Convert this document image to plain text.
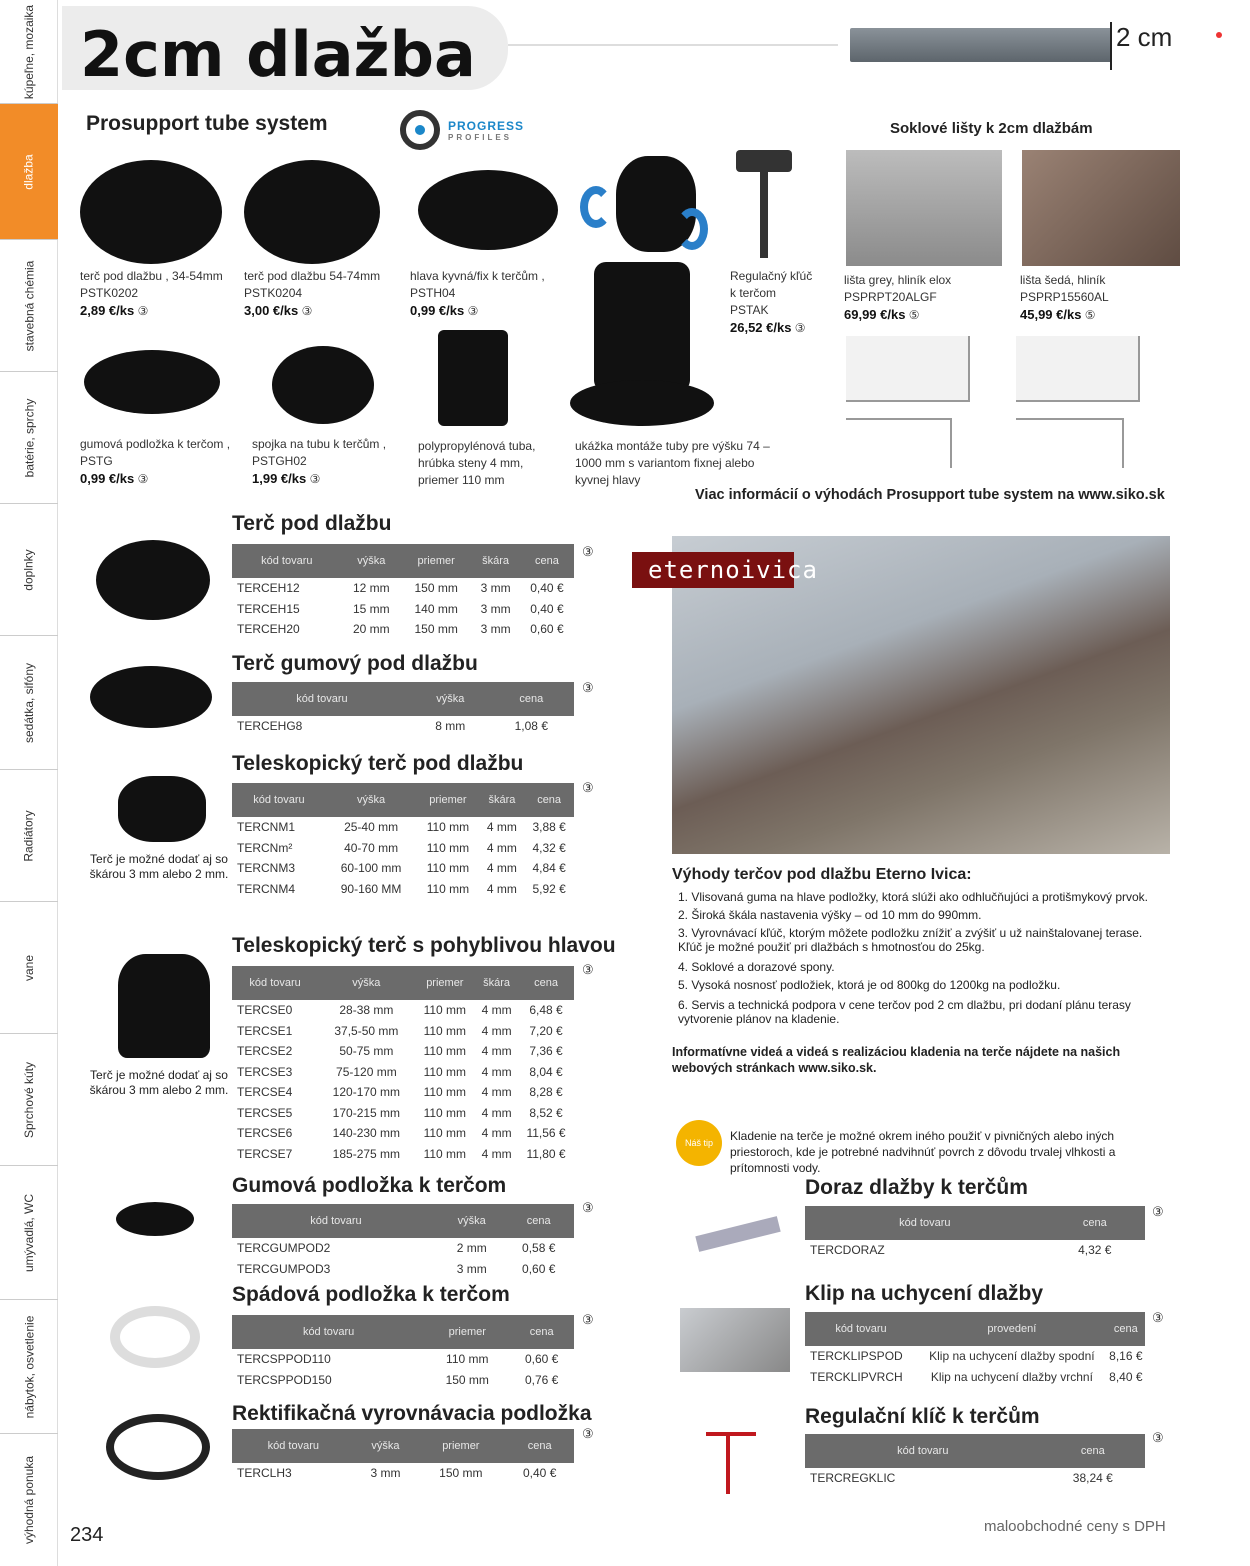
kúpeľne, mozaika
dlažba
stavebná chémia
batérie, sprchy
doplnky
sedátka, sifóny
Radiátory
vane
Sprchové kúty
umývadlá, WC
nábytok, osvetlenie
výhodná ponuka
2cm dlažba	2 cm
Prosupport tube system	PROGRESS
PROFILES
terč pod dlažbu , 34-54mm
PSTK0202
2,89 €/ks ③
terč pod dlažbu 54-74mm
PSTK0204
3,00 €/ks ③
hlava kyvná/fix k terčům ,
PSTH04
0,99 €/ks ③
Regulačný kľúč k terčom
PSTAK
26,52 €/ks ③
gumová podložka k terčom ,
PSTG
0,99 €/ks ③
spojka na tubu k terčům ,
PSTGH02
1,99 €/ks ③
polypropylénová tuba, hrúbka steny 4 mm, priemer 110 mm
ukážka montáže tuby pre výšku 74 – 1000 mm s variantom fixnej alebo kyvnej hlavy
Viac informácií o výhodách Prosupport tube system na www.siko.sk
Soklové lišty k 2cm dlažbám
lišta grey, hliník elox
PSPRPT20ALGF
69,99 €/ks ⑤
lišta šedá, hliník
PSPRP15560AL
45,99 €/ks ⑤
Terč pod dlažbu
③
kód tovaru	výška	priemer	škára	cena
TERCEH12	12 mm	150 mm	3 mm	0,40 €
TERCEH15	15 mm	140 mm	3 mm	0,40 €
TERCEH20	20 mm	150 mm	3 mm	0,60 €
Terč gumový pod dlažbu
③
kód tovaru	výška	cena
TERCEHG8	8 mm	1,08 €
Terč je možné dodať aj so škárou 3 mm alebo 2 mm.
Teleskopický terč pod dlažbu
③
kód tovaru	výška	priemer	škára	cena
TERCNM1	25-40 mm	110 mm	4 mm	3,88 €
TERCNm²	40-70 mm	110 mm	4 mm	4,32 €
TERCNM3	60-100 mm	110 mm	4 mm	4,84 €
TERCNM4	90-160 MM	110 mm	4 mm	5,92 €
Terč je možné dodať aj so škárou 3 mm alebo 2 mm.
Teleskopický terč s pohyblivou hlavou
③
kód tovaru	výška	priemer	škára	cena
TERCSE0	28-38 mm	110 mm	4 mm	6,48 €
TERCSE1	37,5-50 mm	110 mm	4 mm	7,20 €
TERCSE2	50-75 mm	110 mm	4 mm	7,36 €
TERCSE3	75-120 mm	110 mm	4 mm	8,04 €
TERCSE4	120-170 mm	110 mm	4 mm	8,28 €
TERCSE5	170-215 mm	110 mm	4 mm	8,52 €
TERCSE6	140-230 mm	110 mm	4 mm	11,56 €
TERCSE7	185-275 mm	110 mm	4 mm	11,80 €
Gumová podložka k terčom
③
kód tovaru	výška	cena
TERCGUMPOD2	2 mm	0,58 €
TERCGUMPOD3	3 mm	0,60 €
Spádová podložka k terčom
③
kód tovaru	priemer	cena
TERCSPPOD110	110 mm	0,60 €
TERCSPPOD150	150 mm	0,76 €
Rektifikačná vyrovnávacia podložka
③
kód tovaru	výška	priemer	cena
TERCLH3	3 mm	150 mm	0,40 €
eternoivica
Výhody terčov pod dlažbu Eterno Ivica:
1. Vlisovaná guma na hlave podložky, ktorá slúži ako odhlučňujúci a protišmykový prvok.
2. Široká škála nastavenia výšky – od 10 mm do 990mm.
3. Vyrovnávací kľúč, ktorým môžete podložku znížiť a zvýšiť u už nainštalovanej terase. Kľúč je možné použiť pri dlažbách s hmotnosťou do 25kg.
4. Soklové a dorazové spony.
5. Vysoká nosnosť podložiek, ktorá je od 800kg do 1200kg na podložku.
6. Servis a technická podpora v cene terčov pod 2 cm dlažbu, pri dodaní plánu terasy vytvorenie plánov na kladenie.
Informatívne videá a videá s realizáciou kladenia na terče nájdete na našich webových stránkach www.siko.sk.
Náš tip Kladenie na terče je možné okrem iného použiť v pivničných alebo iných priestoroch, kde je potrebné nadvihnúť povrch z dôvodu trvalej vlhkosti a prítomnosti vody.
Doraz dlažby k terčům
③
kód tovaru	cena
TERCDORAZ	4,32 €
Klip na uchycení dlažby
③
kód tovaru	provedení	cena
TERCKLIPSPOD	Klip na uchycení dlažby spodní	8,16 €
TERCKLIPVRCH	Klip na uchycení dlažby vrchní	8,40 €
Regulační klíč k terčům
③
kód tovaru	cena
TERCREGKLIC	38,24 €
234	maloobchodné ceny s DPH
